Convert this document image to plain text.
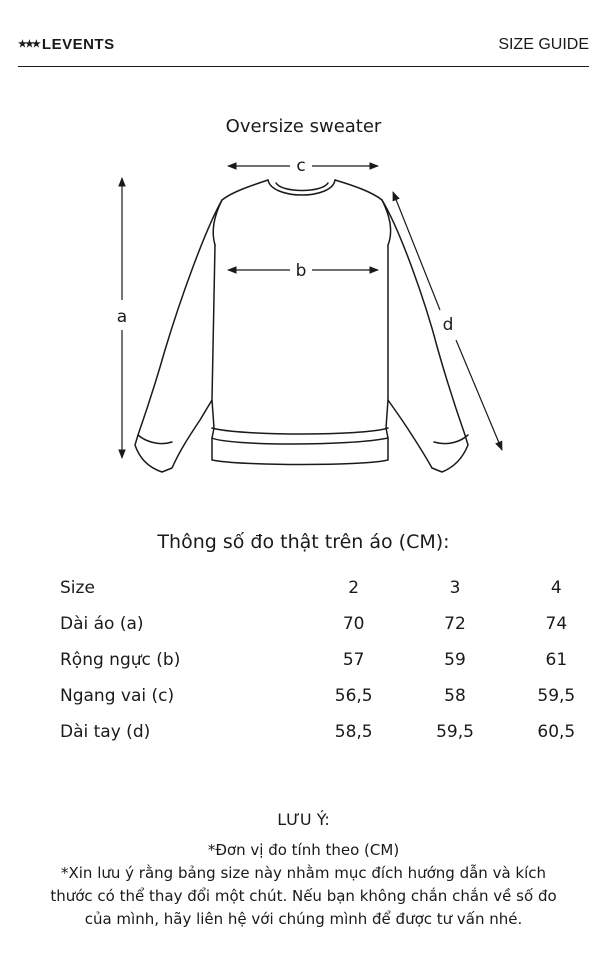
★★★ LEVENTS	SIZE GUIDE
Oversize sweater
a
b
c
d
Thông số đo thật trên áo (CM):
Size	2	3	4
Dài áo (a)	70	72	74
Rộng ngực (b)	57	59	61
Ngang vai (c)	56,5	58	59,5
Dài tay (d)	58,5	59,5	60,5
LƯU Ý:
*Đơn vị đo tính theo (CM)
*Xin lưu ý rằng bảng size này nhằm mục đích hướng dẫn và kích
thước có thể thay đổi một chút. Nếu bạn không chắn chắn về số đo
của mình, hãy liên hệ với chúng mình để được tư vấn nhé.
